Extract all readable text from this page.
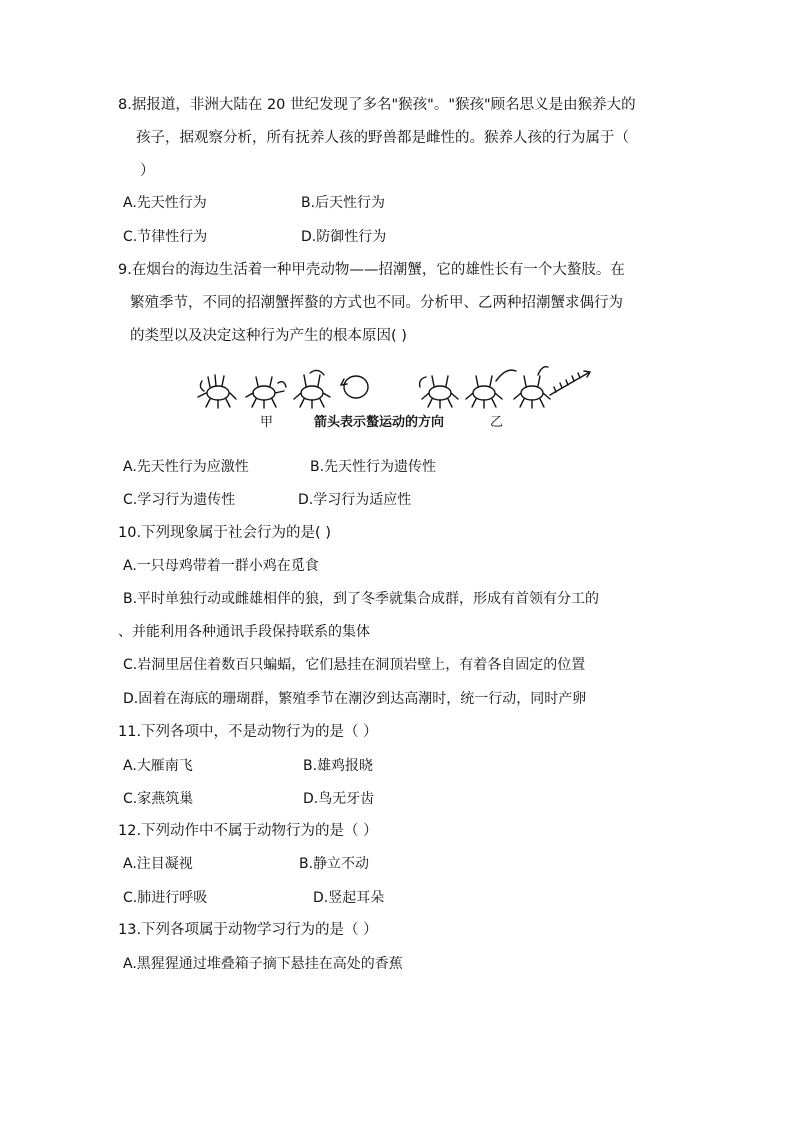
8.据报道，非洲大陆在 20 世纪发现了多名"猴孩"。"猴孩"顾名思义是由猴养大的
孩子，据观察分析，所有抚养人孩的野兽都是雌性的。猴养人孩的行为属于（
）
A.先天性行为	B.后天性行为
C.节律性行为	D.防御性行为
9.在烟台的海边生活着一种甲壳动物——招潮蟹，它的雄性长有一个大螯肢。在
繁殖季节，不同的招潮蟹挥螯的方式也不同。分析甲、乙两种招潮蟹求偶行为
的类型以及决定这种行为产生的根本原因( )
甲	箭头表示螯运动的方向	乙
A.先天性行为应激性	B.先天性行为遗传性
C.学习行为遗传性	D.学习行为适应性
10.下列现象属于社会行为的是( )
A.一只母鸡带着一群小鸡在觅食
B.平时单独行动或雌雄相伴的狼，到了冬季就集合成群，形成有首领有分工的
、并能利用各种通讯手段保持联系的集体
C.岩洞里居住着数百只蝙蝠，它们悬挂在洞顶岩壁上，有着各自固定的位置
D.固着在海底的珊瑚群，繁殖季节在潮汐到达高潮时，统一行动，同时产卵
11.下列各项中，不是动物行为的是（ ）
A.大雁南飞	B.雄鸡报晓
C.家燕筑巢	D.鸟无牙齿
12.下列动作中不属于动物行为的是（ ）
A.注目凝视	B.静立不动
C.肺进行呼吸	D.竖起耳朵
13.下列各项属于动物学习行为的是（ ）
A.黑猩猩通过堆叠箱子摘下悬挂在高处的香蕉
